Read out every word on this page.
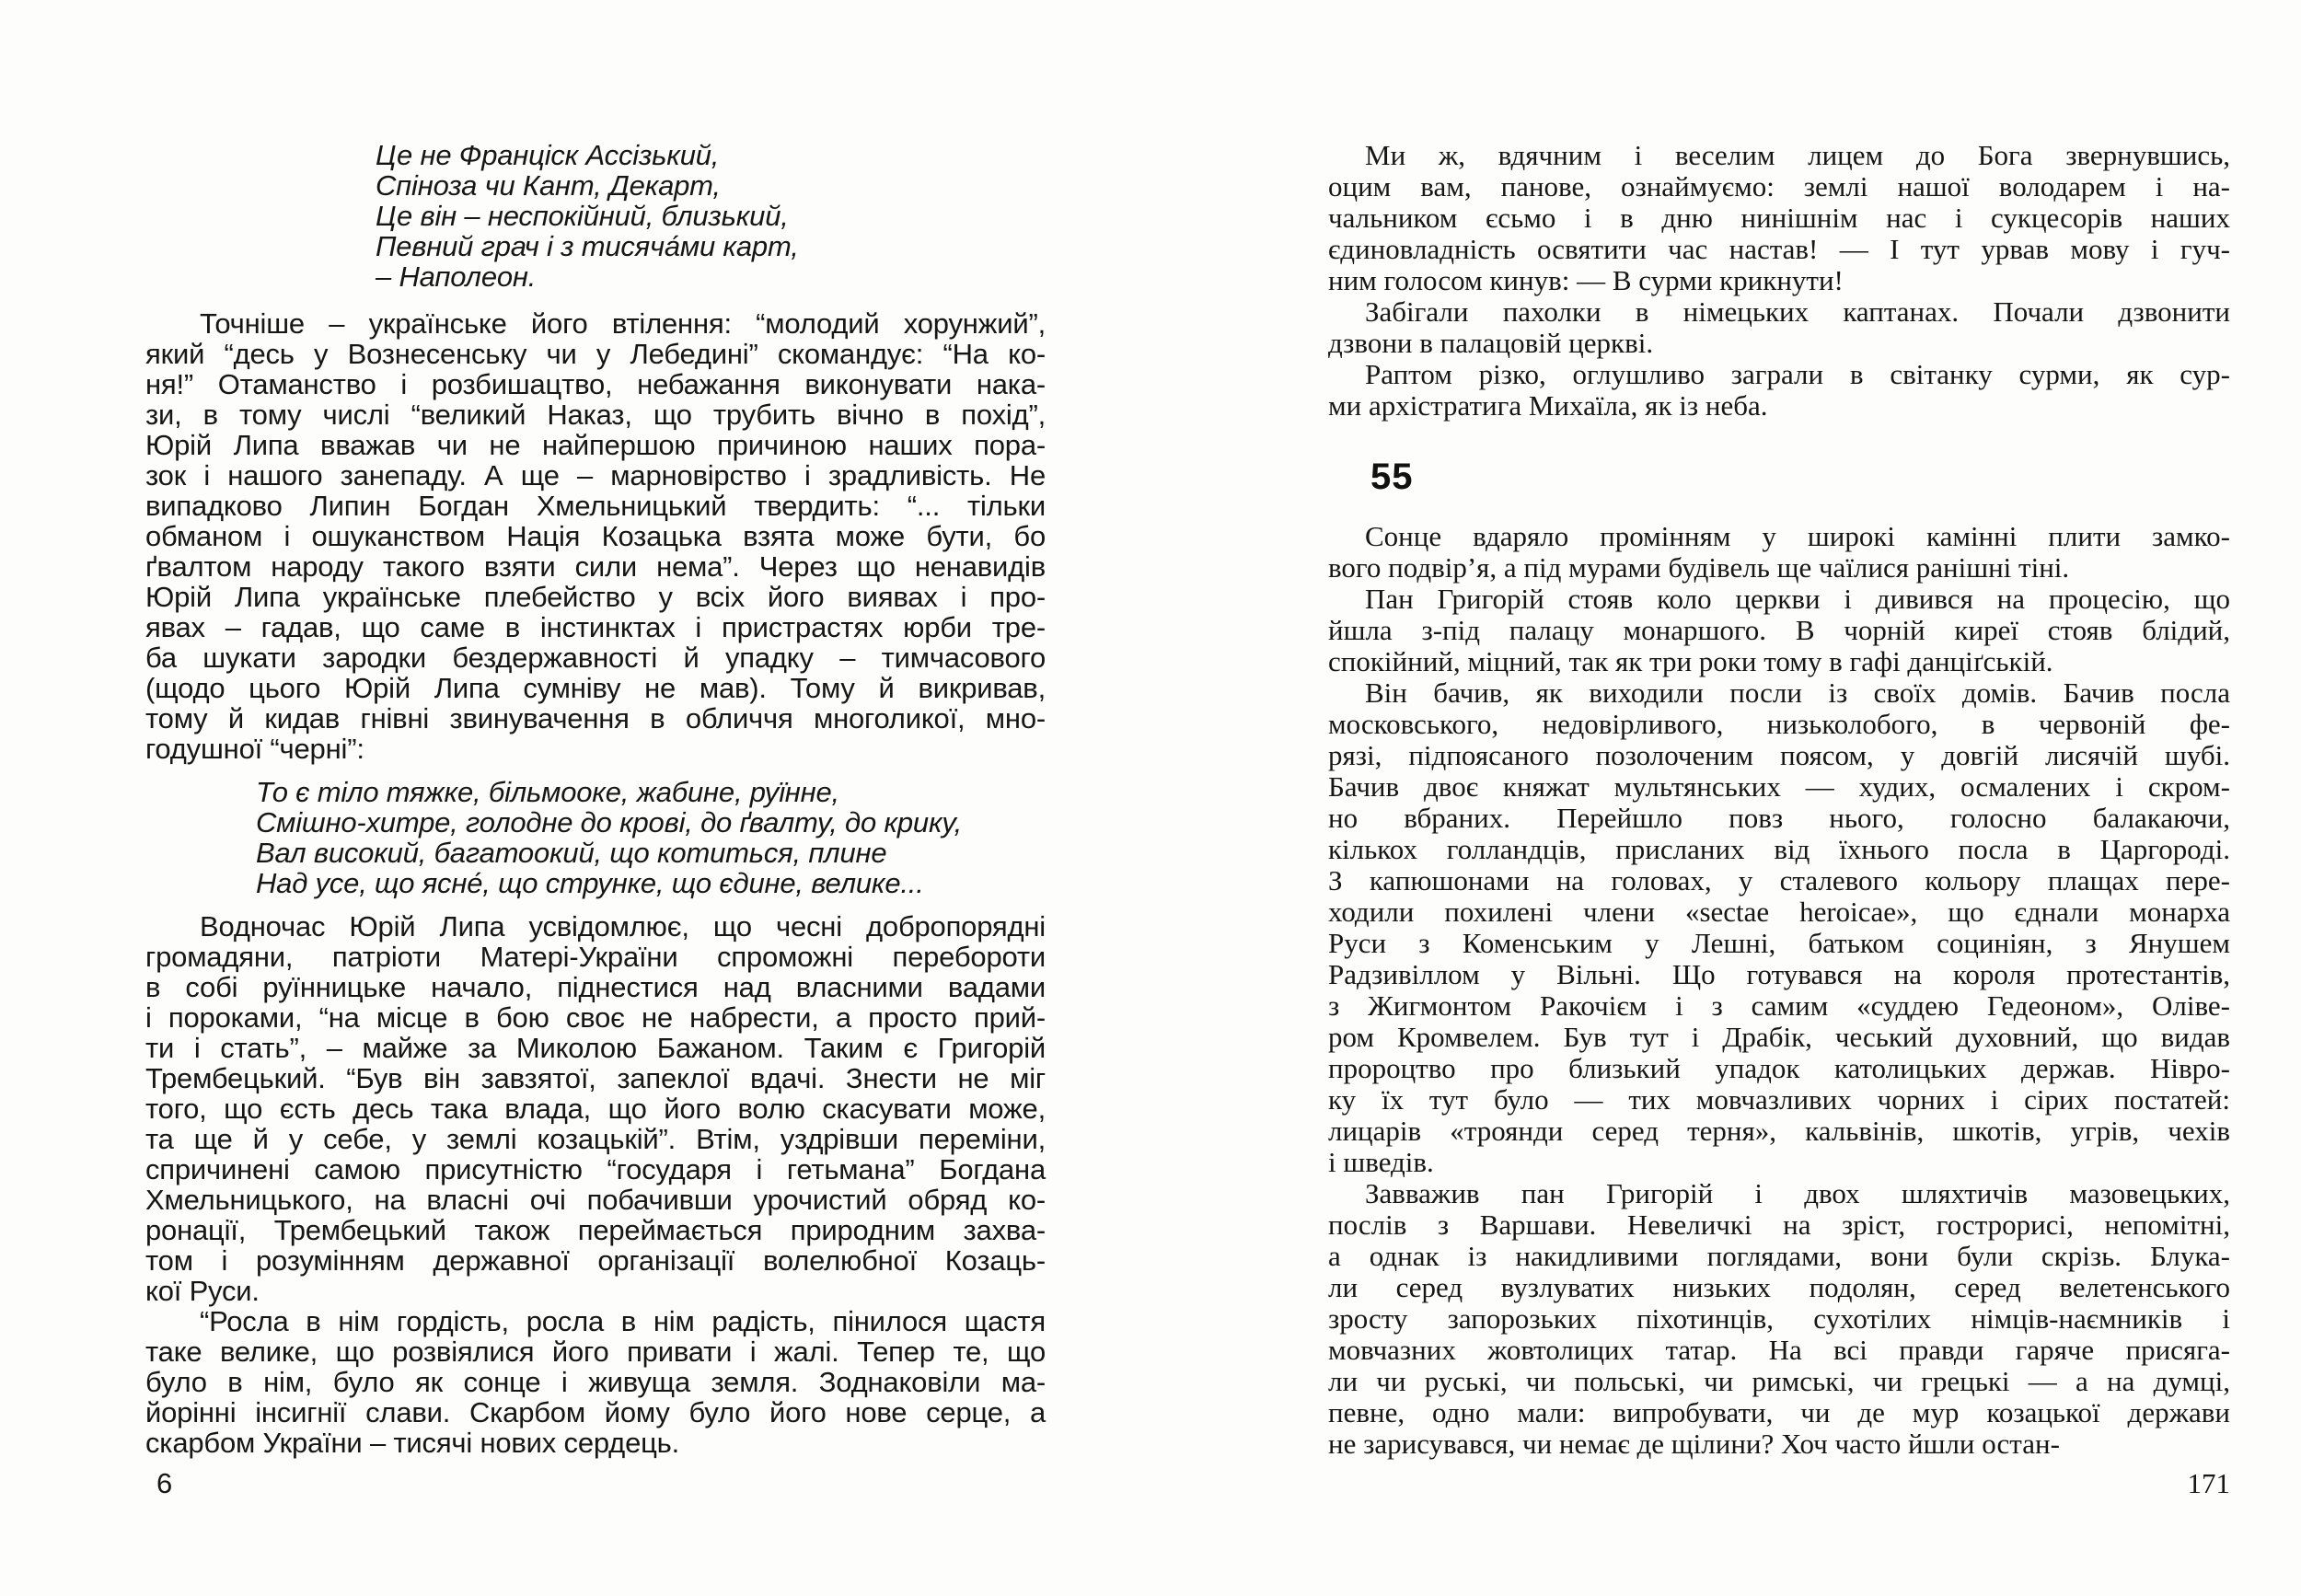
Це не Франціск Ассізький,
Спіноза чи Кант, Декарт,
Це він – неспокійний, близький,
Певний грач і з тисяча́ми карт,
– Наполеон.
Точніше – українське його втілення: “молодий хорунжий”,
який “десь у Вознесенську чи у Лебедині” скомандує: “На ко-
ня!” Отаманство і розбишацтво, небажання виконувати нака-
зи, в тому числі “великий Наказ, що трубить вічно в похід”,
Юрій Липа вважав чи не найпершою причиною наших пора-
зок і нашого занепаду. А ще – марновірство і зрадливість. Не
випадково Липин Богдан Хмельницький твердить: “... тільки
обманом і ошуканством Нація Козацька взята може бути, бо
ґвалтом народу такого взяти сили нема”. Через що ненавидів
Юрій Липа українське плебейство у всіх його виявах і про-
явах – гадав, що саме в інстинктах і пристрастях юрби тре-
ба шукати зародки бездержавності й упадку – тимчасового
(щодо цього Юрій Липа сумніву не мав). Тому й викривав,
тому й кидав гнівні звинувачення в обличчя многоликої, мно-
годушної “черні”:
То є тіло тяжке, більмооке, жабине, руїнне,
Смішно-хитре, голодне до крові, до ґвалту, до крику,
Вал високий, багатоокий, що котиться, плине
Над усе, що ясне́, що струнке, що єдине, велике...
Водночас Юрій Липа усвідомлює, що чесні добропорядні
громадяни, патріоти Матері-України спроможні перебороти
в собі руїнницьке начало, піднестися над власними вадами
і пороками, “на місце в бою своє не набрести, а просто прий-
ти і стать”, – майже за Миколою Бажаном. Таким є Григорій
Трембецький. “Був він завзятої, запеклої вдачі. Знести не міг
того, що єсть десь така влада, що його волю скасувати може,
та ще й у себе, у землі козацькій”. Втім, уздрівши переміни,
спричинені самою присутністю “государя і гетьмана” Богдана
Хмельницького, на власні очі побачивши урочистий обряд ко-
ронації, Трембецький також переймається природним захва-
том і розумінням державної організації волелюбної Козаць-
кої Руси.
“Росла в нім гордість, росла в нім радість, пінилося щастя
таке велике, що розвіялися його привати і жалі. Тепер те, що
було в нім, було як сонце і живуща земля. Зоднаковіли ма-
йорінні інсигнії слави. Скарбом йому було його нове серце, а
скарбом України – тисячі нових сердець.
6
Ми ж, вдячним і веселим лицем до Бога звернувшись,
оцим вам, панове, ознаймуємо: землі нашої володарем і на-
чальником єсьмо і в дню нинішнім нас і сукцесорів наших
єдиновладність освятити час настав! — І тут урвав мову і гуч-
ним голосом кинув: — В сурми крикнути!
Забігали пахолки в німецьких каптанах. Почали дзвонити
дзвони в палацовій церкві.
Раптом різко, оглушливо заграли в світанку сурми, як сур-
ми архістратига Михаїла, як із неба.
55
Сонце вдаряло промінням у широкі камінні плити замко-
вого подвір’я, а під мурами будівель ще чаїлися ранішні тіні.
Пан Григорій стояв коло церкви і дивився на процесію, що
йшла з-під палацу монаршого. В чорній киреї стояв блідий,
спокійний, міцний, так як три роки тому в гафі данціґській.
Він бачив, як виходили посли із своїх домів. Бачив посла
московського, недовірливого, низьколобого, в червоній фе-
рязі, підпоясаного позолоченим поясом, у довгій лисячій шубі.
Бачив двоє княжат мультянських — худих, осмалених і скром-
но вбраних. Перейшло повз нього, голосно балакаючи,
кількох голландців, присланих від їхнього посла в Царгороді.
З капюшонами на головах, у сталевого кольору плащах пере-
ходили похилені члени «sectae heroicae», що єднали монарха
Руси з Коменським у Лешні, батьком социніян, з Янушем
Радзивіллом у Вільні. Що готувався на короля протестантів,
з Жигмонтом Ракочієм і з самим «суддею Гедеоном», Оліве-
ром Кромвелем. Був тут і Драбік, чеський духовний, що видав
пророцтво про близький упадок католицьких держав. Нівро-
ку їх тут було — тих мовчазливих чорних і сірих постатей:
лицарів «троянди серед терня», кальвінів, шкотів, угрів, чехів
і шведів.
Завважив пан Григорій і двох шляхтичів мазовецьких,
послів з Варшави. Невеличкі на зріст, гострорисі, непомітні,
а однак із накидливими поглядами, вони були скрізь. Блука-
ли серед вузлуватих низьких подолян, серед велетенського
зросту запорозьких піхотинців, сухотілих німців-наємників і
мовчазних жовтолицих татар. На всі правди гаряче присяга-
ли чи руські, чи польські, чи римські, чи грецькі — а на думці,
певне, одно мали: випробувати, чи де мур козацької держави
не зарисувався, чи немає де щілини? Хоч часто йшли остан-
171
